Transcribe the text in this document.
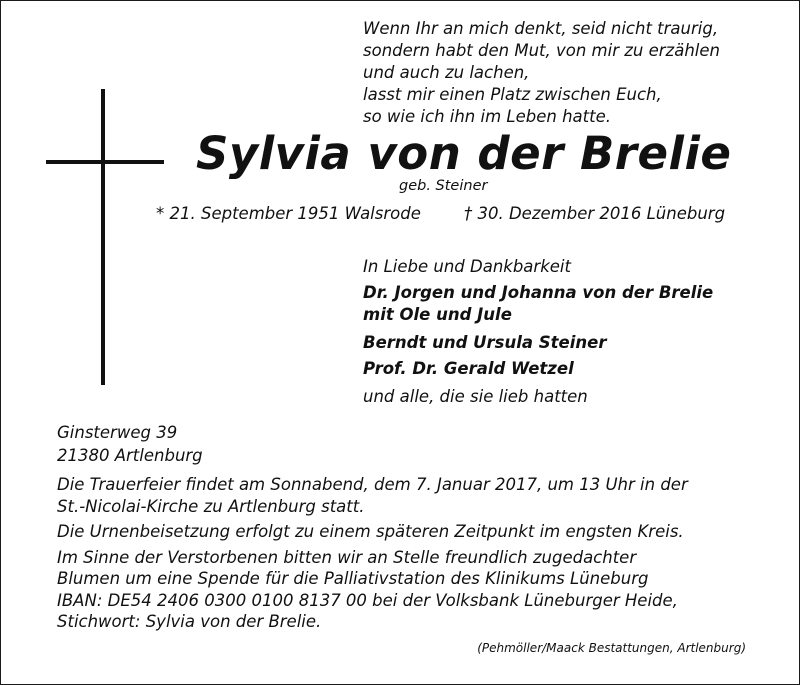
Wenn Ihr an mich denkt, seid nicht traurig,
sondern habt den Mut, von mir zu erzählen
und auch zu lachen,
lasst mir einen Platz zwischen Euch,
so wie ich ihn im Leben hatte.
Sylvia von der Brelie
geb. Steiner
* 21. September 1951 Walsrode	† 30. Dezember 2016 Lüneburg
In Liebe und Dankbarkeit
Dr. Jorgen und Johanna von der Brelie
mit Ole und Jule
Berndt und Ursula Steiner
Prof. Dr. Gerald Wetzel
und alle, die sie lieb hatten
Ginsterweg 39
21380 Artlenburg
Die Trauerfeier findet am Sonnabend, dem 7. Januar 2017, um 13 Uhr in der
St.-Nicolai-Kirche zu Artlenburg statt.
Die Urnenbeisetzung erfolgt zu einem späteren Zeitpunkt im engsten Kreis.
Im Sinne der Verstorbenen bitten wir an Stelle freundlich zugedachter
Blumen um eine Spende für die Palliativstation des Klinikums Lüneburg
IBAN: DE54 2406 0300 0100 8137 00 bei der Volksbank Lüneburger Heide,
Stichwort: Sylvia von der Brelie.
(Pehmöller/Maack Bestattungen, Artlenburg)
